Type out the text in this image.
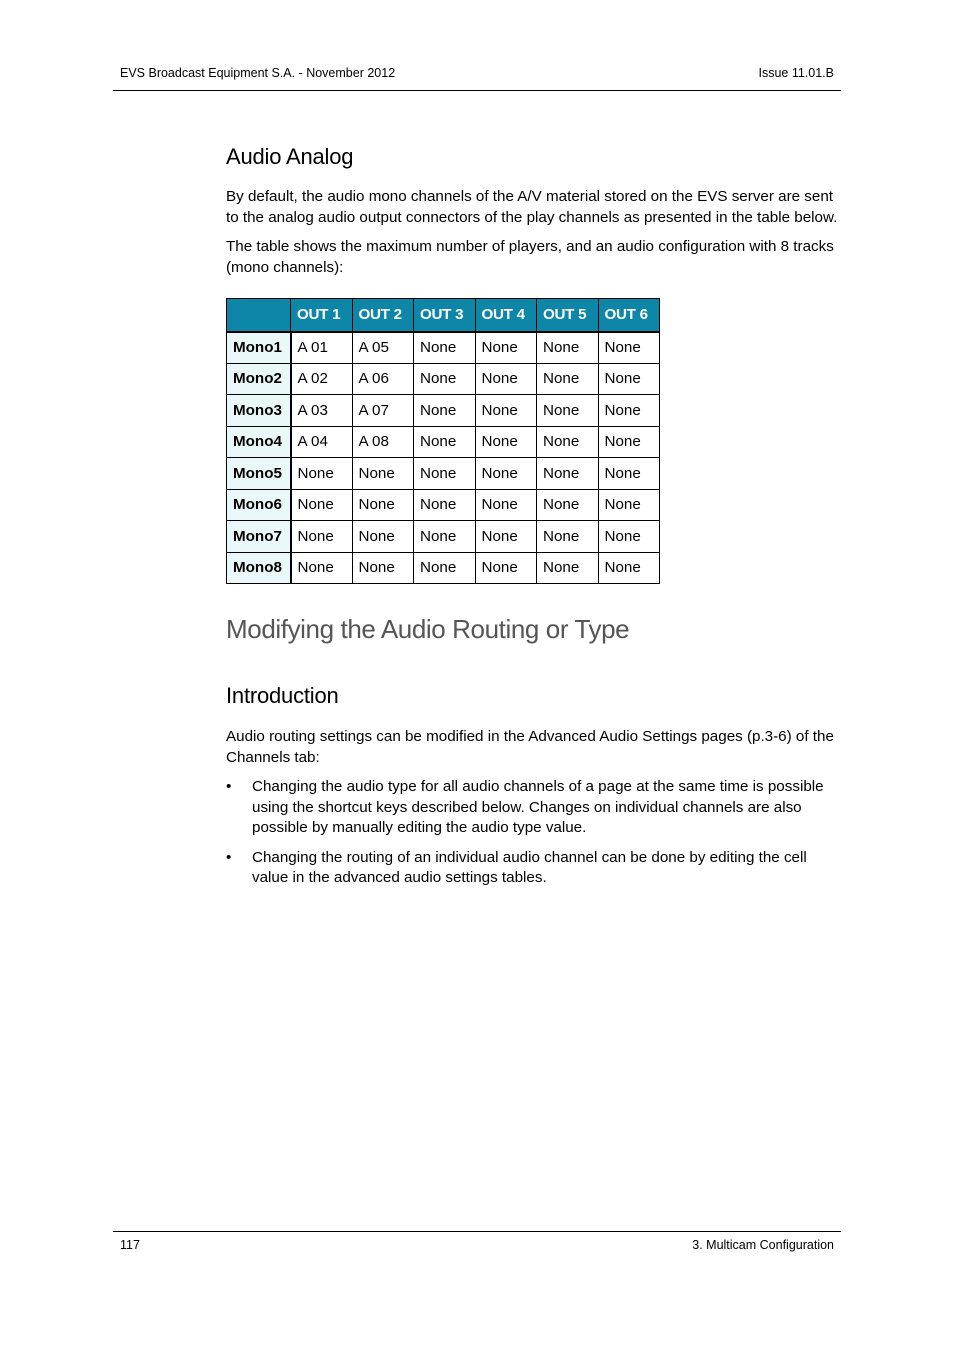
EVS Broadcast Equipment S.A. - November 2012	Issue 11.01.B
Audio Analog

By default, the audio mono channels of the A/V material stored on the EVS server are sent to the analog audio output connectors of the play channels as presented in the table below.

The table shows the maximum number of players, and an audio configuration with 8 tracks (mono channels):

	OUT 1	OUT 2	OUT 3	OUT 4	OUT 5	OUT 6
Mono1	A 01	A 05	None	None	None	None
Mono2	A 02	A 06	None	None	None	None
Mono3	A 03	A 07	None	None	None	None
Mono4	A 04	A 08	None	None	None	None
Mono5	None	None	None	None	None	None
Mono6	None	None	None	None	None	None
Mono7	None	None	None	None	None	None
Mono8	None	None	None	None	None	None
Modifying the Audio Routing or Type
Introduction

Audio routing settings can be modified in the Advanced Audio Settings pages (p.3-6) of the Channels tab:

• Changing the audio type for all audio channels of a page at the same time is possible using the shortcut keys described below. Changes on individual channels are also possible by manually editing the audio type value.
• Changing the routing of an individual audio channel can be done by editing the cell value in the advanced audio settings tables.
117	3. Multicam Configuration
